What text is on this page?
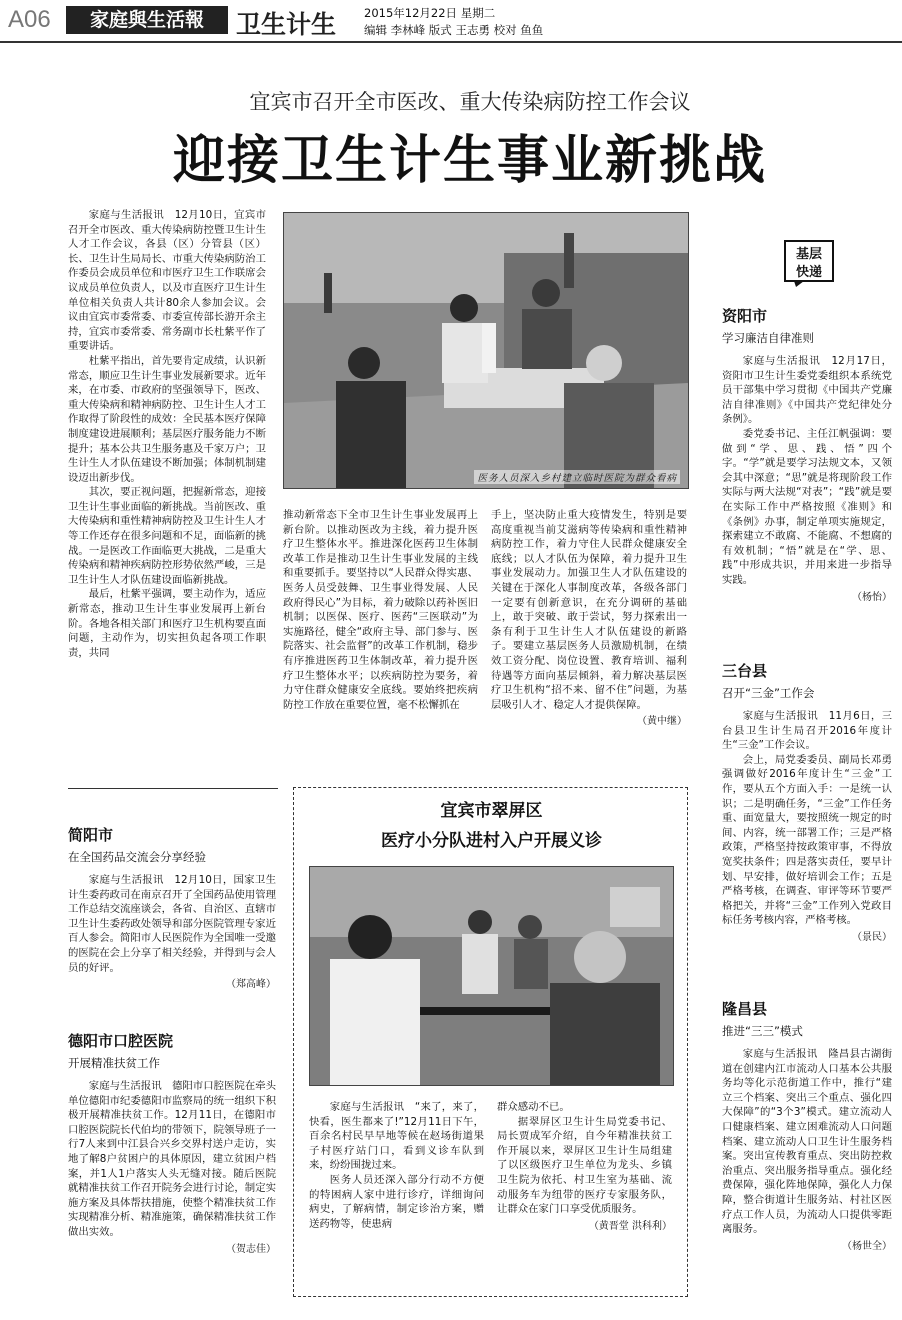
A06	家庭與生活報	卫生计生 2015年12月22日 星期二
编辑 李林峰 版式 王志勇 校对 鱼鱼
宜宾市召开全市医改、重大传染病防控工作会议
迎接卫生计生事业新挑战

家庭与生活报讯　12月10日，宜宾市召开全市医改、重大传染病防控暨卫生计生人才工作会议，各县（区）分管县（区）长、卫生计生局局长、市重大传染病防治工作委员会成员单位和市医疗卫生工作联席会议成员单位负责人，以及市直医疗卫生计生单位相关负责人共计80余人参加会议。会议由宜宾市委常委、市委宣传部长游开余主持，宜宾市委常委、常务副市长杜紫平作了重要讲话。

杜紫平指出，首先要肯定成绩，认识新常态，顺应卫生计生事业发展新要求。近年来，在市委、市政府的坚强领导下，医改、重大传染病和精神病防控、卫生计生人才工作取得了阶段性的成效：全民基本医疗保障制度建设进展顺利；基层医疗服务能力不断提升；基本公共卫生服务惠及千家万户；卫生计生人才队伍建设不断加强；体制机制建设迈出新步伐。

其次，要正视问题，把握新常态，迎接卫生计生事业面临的新挑战。当前医改、重大传染病和重性精神病防控及卫生计生人才等工作还存在很多问题和不足，面临新的挑战。一是医改工作面临更大挑战，二是重大传染病和精神疾病防控形势依然严峻，三是卫生计生人才队伍建设面临新挑战。

最后，杜紫平强调，要主动作为，适应新常态，推动卫生计生事业发展再上新台阶。各地各相关部门和医疗卫生机构要直面问题，主动作为，切实担负起各项工作职责，共同

医务人员深入乡村建立临时医院为群众看病

推动新常态下全市卫生计生事业发展再上新台阶。以推动医改为主线，着力提升医疗卫生整体水平。推进深化医药卫生体制改革工作是推动卫生计生事业发展的主线和重要抓手。要坚持以“人民群众得实惠、医务人员受鼓舞、卫生事业得发展、人民政府得民心”为目标，着力破除以药补医旧机制；以医保、医疗、医药“三医联动”为实施路径，健全“政府主导、部门参与、医院落实、社会监督”的改革工作机制，稳步有序推进医药卫生体制改革，着力提升医疗卫生整体水平；以疾病防控为要务，着力守住群众健康安全底线。要始终把疾病防控工作放在重要位置，毫不松懈抓在

手上，坚决防止重大疫情发生，特别是要高度重视当前艾滋病等传染病和重性精神病防控工作，着力守住人民群众健康安全底线；以人才队伍为保障，着力提升卫生事业发展动力。加强卫生人才队伍建设的关键在于深化人事制度改革，各级各部门一定要有创新意识，在充分调研的基础上，敢于突破、敢于尝试，努力探索出一条有利于卫生计生人才队伍建设的新路子。要建立基层医务人员激励机制，在绩效工资分配、岗位设置、教育培训、福利待遇等方面向基层倾斜，着力解决基层医疗卫生机构“招不来、留不住”问题，为基层吸引人才、稳定人才提供保障。

（黄中继）
简阳市
在全国药品交流会分享经验

家庭与生活报讯　12月10日，国家卫生计生委药政司在南京召开了全国药品使用管理工作总结交流座谈会，各省、自治区、直辖市卫生计生委药政处领导和部分医院管理专家近百人参会。简阳市人民医院作为全国唯一受邀的医院在会上分享了相关经验，并得到与会人员的好评。

（郑高峰）
德阳市口腔医院
开展精准扶贫工作

家庭与生活报讯　德阳市口腔医院在牵头单位德阳市纪委德阳市监察局的统一组织下积极开展精准扶贫工作。12月11日，在德阳市口腔医院院长代伯均的带领下，院领导班子一行7人来到中江县合兴乡交界村送户走访，实地了解8户贫困户的具体原因，建立贫困户档案，并1人1户落实人头无缝对接。随后医院就精准扶贫工作召开院务会进行讨论，制定实施方案及具体帮扶措施，使整个精准扶贫工作实现精准分析、精准施策，确保精准扶贫工作做出实效。

（贺志佳）
宜宾市翠屏区
医疗小分队进村入户开展义诊

家庭与生活报讯　“来了，来了，快看，医生都来了!”12月11日下午，百余名村民早早地等候在赵场街道果子村医疗站门口，看到义诊车队到来，纷纷围拢过来。

医务人员还深入部分行动不方便的特困病人家中进行诊疗，详细询问病史，了解病情，制定诊治方案，赠送药物等，使患病

群众感动不已。

据翠屏区卫生计生局党委书记、局长贾成军介绍，自今年精准扶贫工作开展以来，翠屏区卫生计生局组建了以区级医疗卫生单位为龙头、乡镇卫生院为依托、村卫生室为基础、流动服务车为纽带的医疗专家服务队，让群众在家门口享受优质服务。

（黄晋堂 洪科利）
基层
快递
资阳市
学习廉洁自律准则

家庭与生活报讯　12月17日，资阳市卫生计生委党委组织本系统党员干部集中学习贯彻《中国共产党廉洁自律准则》《中国共产党纪律处分条例》。

委党委书记、主任江帆强调：要做到“学、思、践、悟”四个字。“学”就是要学习法规文本，又领会其中深意；“思”就是将现阶段工作实际与两大法规“对表”；“践”就是要在实际工作中严格按照《准则》和《条例》办事，制定单项实施规定，探索建立不敢腐、不能腐、不想腐的有效机制；“悟”就是在“学、思、践”中形成共识，并用来进一步指导实践。

（杨怡）
三台县
召开“三金”工作会

家庭与生活报讯　11月6日，三台县卫生计生局召开2016年度计生“三金”工作会议。

会上，局党委委员、副局长邓勇强调做好2016年度计生“三金”工作，要从五个方面入手：一是统一认识；二是明确任务，“三金”工作任务重、面宽量大，要按照统一规定的时间、内容，统一部署工作；三是严格政策，严格坚持按政策审事，不得放宽奖扶条件；四是落实责任，要早计划、早安排，做好培训会工作；五是严格考核，在调查、审评等环节要严格把关，并将“三金”工作列入党政目标任务考核内容，严格考核。

（景民）
隆昌县
推进“三三”模式

家庭与生活报讯　隆昌县古湖街道在创建内江市流动人口基本公共服务均等化示范街道工作中，推行“建立三个档案、突出三个重点、强化四大保障”的“3个3”模式。建立流动人口健康档案、建立困难流动人口问题档案、建立流动人口卫生计生服务档案。突出宣传教育重点、突出防控救治重点、突出服务指导重点。强化经费保障，强化阵地保障，强化人力保障，整合街道计生服务站、村社区医疗点工作人员，为流动人口提供零距离服务。

（杨世全）
